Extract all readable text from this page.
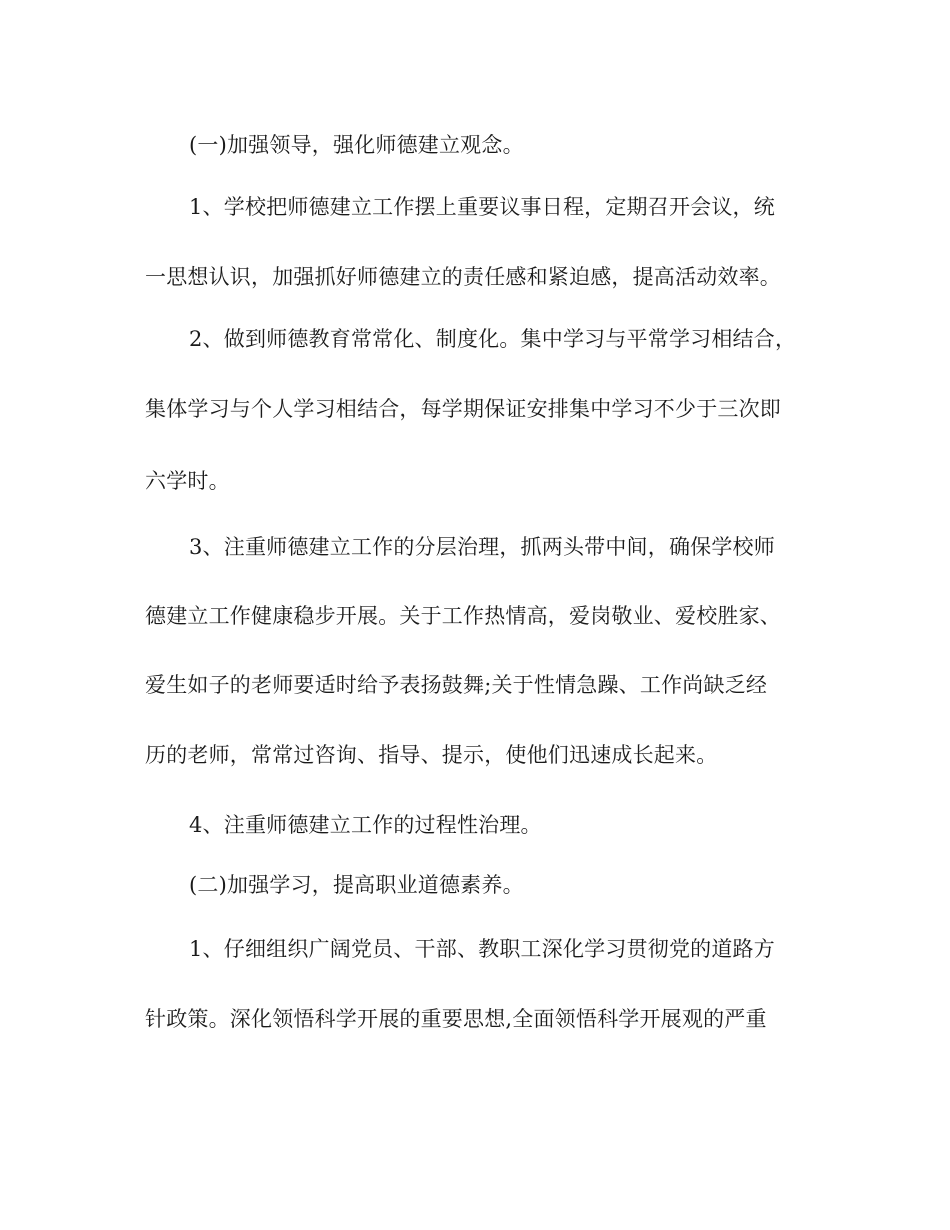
(一)加强领导，强化师德建立观念。
1、学校把师德建立工作摆上重要议事日程，定期召开会议，统
一思想认识，加强抓好师德建立的责任感和紧迫感，提高活动效率。
2、做到师德教育常常化、制度化。集中学习与平常学习相结合，
集体学习与个人学习相结合，每学期保证安排集中学习不少于三次即
六学时。
3、注重师德建立工作的分层治理，抓两头带中间，确保学校师
德建立工作健康稳步开展。关于工作热情高，爱岗敬业、爱校胜家、
爱生如子的老师要适时给予表扬鼓舞;关于性情急躁、工作尚缺乏经
历的老师，常常过咨询、指导、提示，使他们迅速成长起来。
4、注重师德建立工作的过程性治理。
(二)加强学习，提高职业道德素养。
1、仔细组织广阔党员、干部、教职工深化学习贯彻党的道路方
针政策。深化领悟科学开展的重要思想,全面领悟科学开展观的严重
